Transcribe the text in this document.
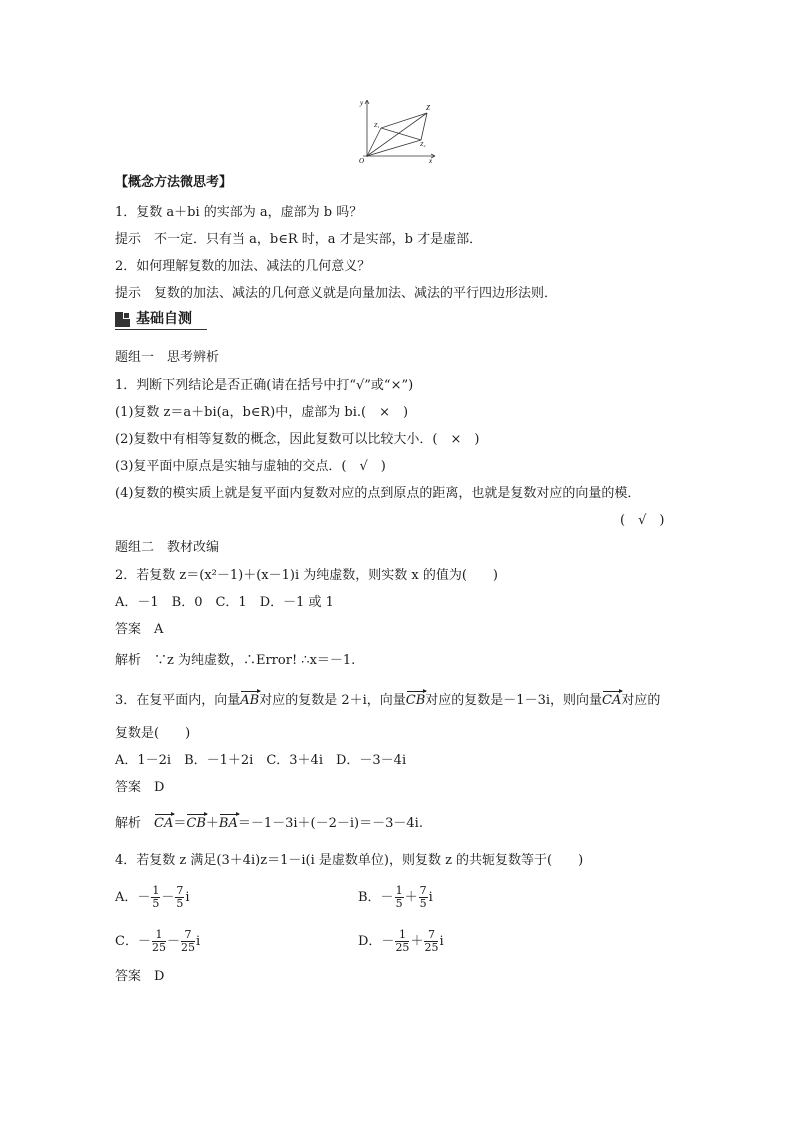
y
x
O
Z
Z₁
Z₂
【概念方法微思考】
1．复数 a＋bi 的实部为 a，虚部为 b 吗？
提示　不一定．只有当 a，b∈R 时，a 才是实部，b 才是虚部．
2．如何理解复数的加法、减法的几何意义？
提示　复数的加法、减法的几何意义就是向量加法、减法的平行四边形法则．
基础自测
题组一　思考辨析
1．判断下列结论是否正确(请在括号中打“√”或“×”)
(1)复数 z＝a＋bi(a，b∈R)中，虚部为 bi.(　×　)
(2)复数中有相等复数的概念，因此复数可以比较大小．(　×　)
(3)复平面中原点是实轴与虚轴的交点．(　√　)
(4)复数的模实质上就是复平面内复数对应的点到原点的距离，也就是复数对应的向量的模．
(　√　)
题组二　教材改编
2．若复数 z＝(x²－1)＋(x－1)i 为纯虚数，则实数 x 的值为(　　)
A．－1　B．0　C．1　D．－1 或 1
答案　A
解析　∵z 为纯虚数，∴Error! ∴x＝－1.
3．在复平面内，向量AB对应的复数是 2＋i，向量CB对应的复数是－1－3i，则向量CA对应的
复数是(　　)
A．1－2i　B．－1＋2i　C．3＋4i　D．－3－4i
答案　D
解析　CA＝CB＋BA＝－1－3i＋(－2－i)＝－3－4i.
4．若复数 z 满足(3＋4i)z＝1－i(i 是虚数单位)，则复数 z 的共轭复数等于(　　)
A．－ $\frac{1}{5} - \frac{7}{5}$ i	B．－ $\frac{1}{5} + \frac{7}{5}$ i
C．－ $\frac{1}{25} - \frac{7}{25}$ i	D．－ $\frac{1}{25} + \frac{7}{25}$ i
答案　D
